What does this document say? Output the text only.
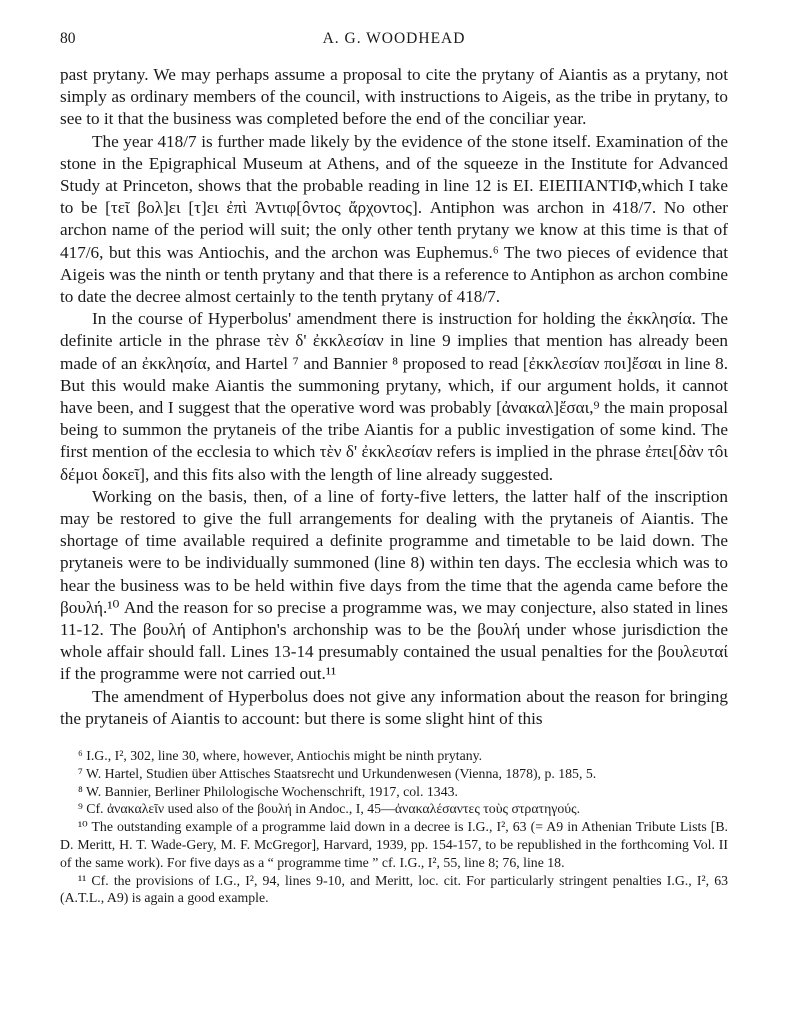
80	A. G. WOODHEAD

past prytany. We may perhaps assume a proposal to cite the prytany of Aiantis as a prytany, not simply as ordinary members of the council, with instructions to Aigeis, as the tribe in prytany, to see to it that the business was completed before the end of the conciliar year.

The year 418/7 is further made likely by the evidence of the stone itself. Examination of the stone in the Epigraphical Museum at Athens, and of the squeeze in the Institute for Advanced Study at Princeton, shows that the probable reading in line 12 is ΕΙ. ΕΙΕΠΙΑΝΤΙΦ,which I take to be [τεῖ βολ]ει [τ]ει ἐπὶ Ἀντιφ[ôντος ἄρχοντος]. Antiphon was archon in 418/7. No other archon name of the period will suit; the only other tenth prytany we know at this time is that of 417/6, but this was Antiochis, and the archon was Euphemus.⁶ The two pieces of evidence that Aigeis was the ninth or tenth prytany and that there is a reference to Antiphon as archon combine to date the decree almost certainly to the tenth prytany of 418/7.

In the course of Hyperbolus' amendment there is instruction for holding the ἐκκλησία. The definite article in the phrase τὲν δ' ἐκκλεσίαν in line 9 implies that mention has already been made of an ἐκκλησία, and Hartel ⁷ and Bannier ⁸ proposed to read [ἐκκλεσίαν ποι]ἔσαι in line 8. But this would make Aiantis the summoning prytany, which, if our argument holds, it cannot have been, and I suggest that the operative word was probably [ἀνακαλ]ἔσαι,⁹ the main proposal being to summon the prytaneis of the tribe Aiantis for a public investigation of some kind. The first mention of the ecclesia to which τὲν δ' ἐκκλεσίαν refers is implied in the phrase ἐπει[δὰν τôι δέμοι δοκεῖ], and this fits also with the length of line already suggested.

Working on the basis, then, of a line of forty-five letters, the latter half of the inscription may be restored to give the full arrangements for dealing with the prytaneis of Aiantis. The shortage of time available required a definite programme and timetable to be laid down. The prytaneis were to be individually summoned (line 8) within ten days. The ecclesia which was to hear the business was to be held within five days from the time that the agenda came before the βουλή.¹⁰ And the reason for so precise a programme was, we may conjecture, also stated in lines 11-12. The βουλή of Antiphon's archonship was to be the βουλή under whose jurisdiction the whole affair should fall. Lines 13-14 presumably contained the usual penalties for the βουλευταί if the programme were not carried out.¹¹

The amendment of Hyperbolus does not give any information about the reason for bringing the prytaneis of Aiantis to account: but there is some slight hint of this

⁶ I.G., I², 302, line 30, where, however, Antiochis might be ninth prytany.

⁷ W. Hartel, Studien über Attisches Staatsrecht und Urkundenwesen (Vienna, 1878), p. 185, 5.

⁸ W. Bannier, Berliner Philologische Wochenschrift, 1917, col. 1343.

⁹ Cf. ἀνακαλεῖν used also of the βουλή in Andoc., I, 45—ἀνακαλέσαντες τοὺς στρατηγούς.

¹⁰ The outstanding example of a programme laid down in a decree is I.G., I², 63 (= A9 in Athenian Tribute Lists [B. D. Meritt, H. T. Wade-Gery, M. F. McGregor], Harvard, 1939, pp. 154-157, to be republished in the forthcoming Vol. II of the same work). For five days as a “ programme time ” cf. I.G., I², 55, line 8; 76, line 18.

¹¹ Cf. the provisions of I.G., I², 94, lines 9-10, and Meritt, loc. cit. For particularly stringent penalties I.G., I², 63 (A.T.L., A9) is again a good example.
